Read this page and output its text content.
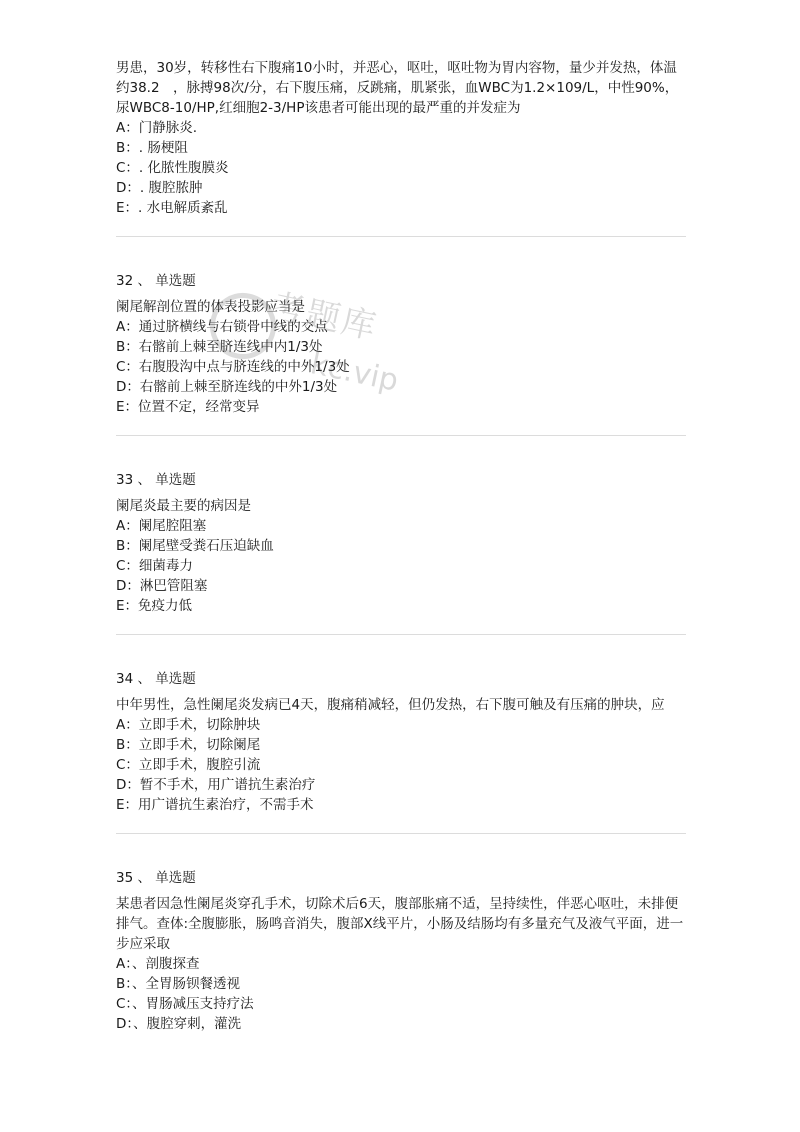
男患，30岁，转移性右下腹痛10小时，并恶心，呕吐，呕吐物为胃内容物，量少并发热，体温约38.2　，脉搏98次/分，右下腹压痛，反跳痛，肌紧张，血WBC为1.2×109/L，中性90%，尿WBC8-10/HP,红细胞2-3/HP该患者可能出现的最严重的并发症为

A：门静脉炎.

B：. 肠梗阻

C：. 化脓性腹膜炎

D：. 腹腔脓肿

E：. 水电解质紊乱

32 、 单选题

阑尾解剖位置的体表投影应当是

A：通过脐横线与右锁骨中线的交点

B：右髂前上棘至脐连线中内1/3处

C：右腹股沟中点与脐连线的中外1/3处

D：右髂前上棘至脐连线的中外1/3处

E：位置不定，经常变异

33 、 单选题

阑尾炎最主要的病因是

A：阑尾腔阻塞

B：阑尾壁受粪石压迫缺血

C：细菌毒力

D：淋巴管阻塞

E：免疫力低

34 、 单选题

中年男性，急性阑尾炎发病已4天，腹痛稍减轻，但仍发热，右下腹可触及有压痛的肿块，应

A：立即手术，切除肿块

B：立即手术，切除阑尾

C：立即手术，腹腔引流

D：暂不手术，用广谱抗生素治疗

E：用广谱抗生素治疗，不需手术

35 、 单选题

某患者因急性阑尾炎穿孔手术，切除术后6天，腹部胀痛不适，呈持续性，伴恶心呕吐，未排便排气。查体:全腹膨胀，肠鸣音消失，腹部X线平片，小肠及结肠均有多量充气及液气平面，进一步应采取

A：、剖腹探查

B：、全胃肠钡餐透视

C：、胃肠减压支持疗法

D：、腹腔穿刺，灌洗

考题库
kc.vip
